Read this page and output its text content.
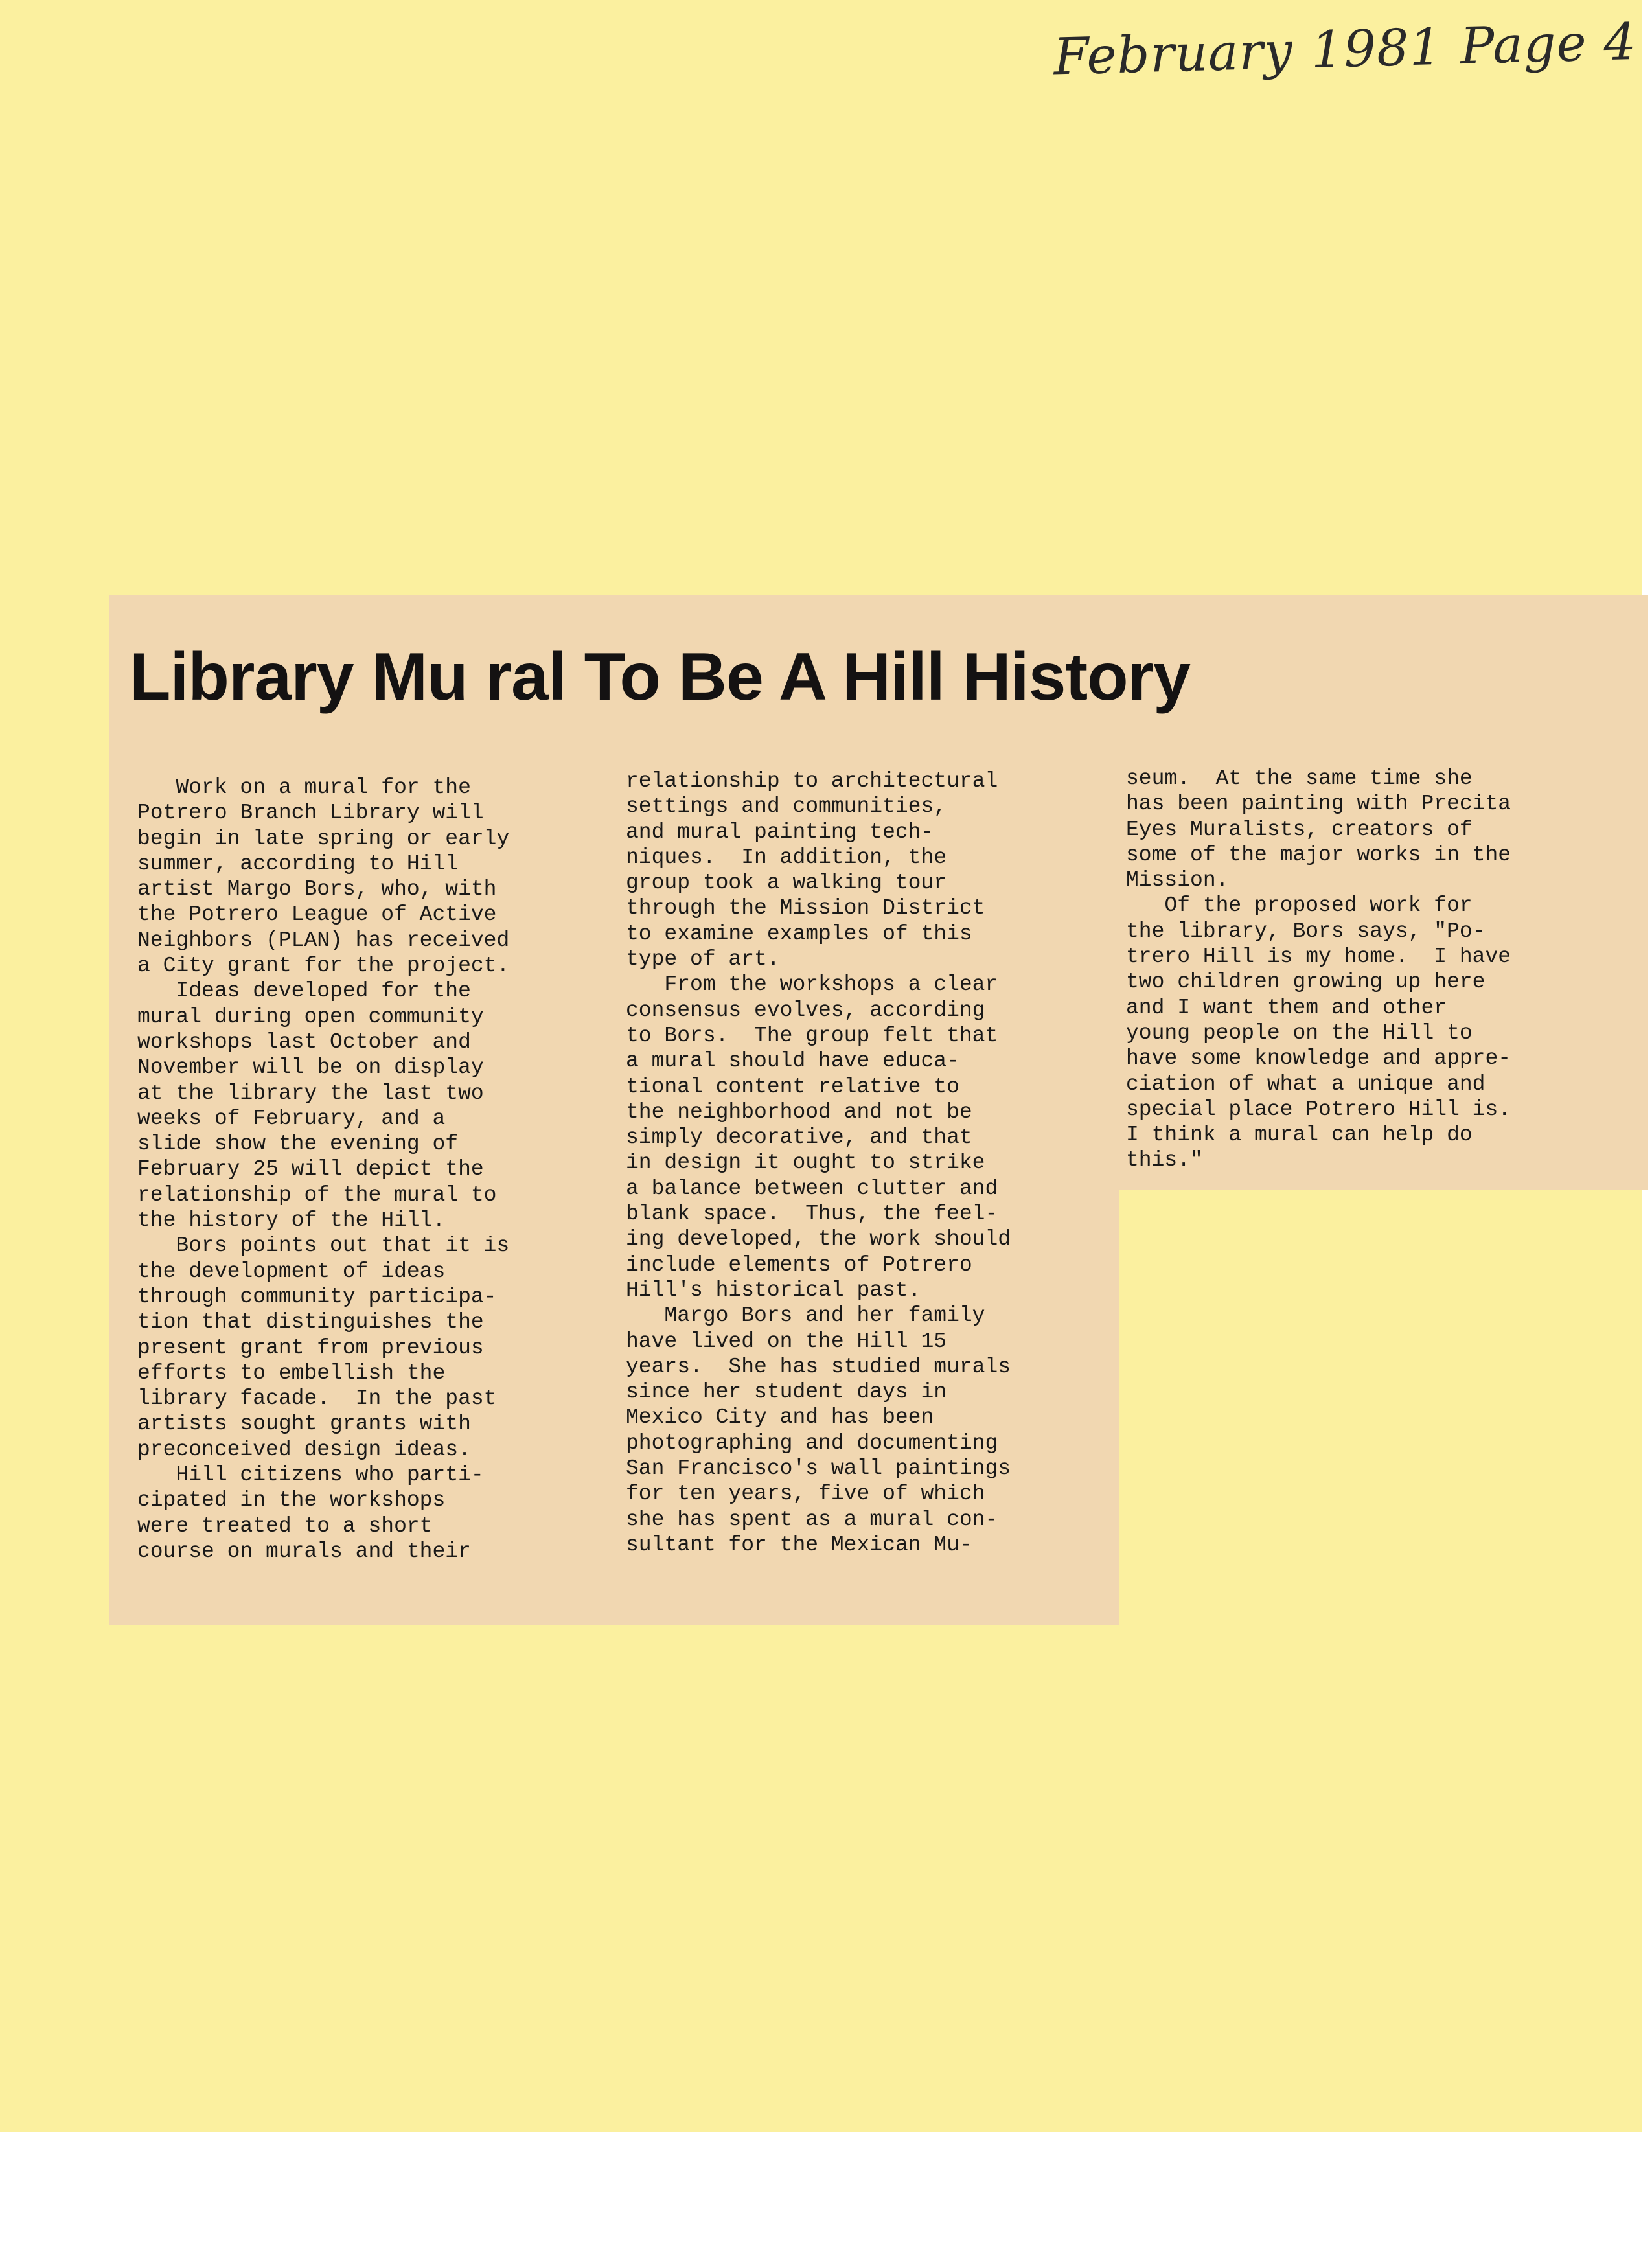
February 1981 Page 4
Library Mu ral To Be A Hill History
Work on a mural for the
Potrero Branch Library will
begin in late spring or early
summer, according to Hill
artist Margo Bors, who, with
the Potrero League of Active
Neighbors (PLAN) has received
a City grant for the project.
Ideas developed for the
mural during open community
workshops last October and
November will be on display
at the library the last two
weeks of February, and a
slide show the evening of
February 25 will depict the
relationship of the mural to
the history of the Hill.
Bors points out that it is
the development of ideas
through community participa-
tion that distinguishes the
present grant from previous
efforts to embellish the
library facade.  In the past
artists sought grants with
preconceived design ideas.
Hill citizens who parti-
cipated in the workshops
were treated to a short
course on murals and their
relationship to architectural
settings and communities,
and mural painting tech-
niques.  In addition, the
group took a walking tour
through the Mission District
to examine examples of this
type of art.
From the workshops a clear
consensus evolves, according
to Bors.  The group felt that
a mural should have educa-
tional content relative to
the neighborhood and not be
simply decorative, and that
in design it ought to strike
a balance between clutter and
blank space.  Thus, the feel-
ing developed, the work should
include elements of Potrero
Hill's historical past.
Margo Bors and her family
have lived on the Hill 15
years.  She has studied murals
since her student days in
Mexico City and has been
photographing and documenting
San Francisco's wall paintings
for ten years, five of which
she has spent as a mural con-
sultant for the Mexican Mu-
seum.  At the same time she
has been painting with Precita
Eyes Muralists, creators of
some of the major works in the
Mission.
Of the proposed work for
the library, Bors says, "Po-
trero Hill is my home.  I have
two children growing up here
and I want them and other
young people on the Hill to
have some knowledge and appre-
ciation of what a unique and
special place Potrero Hill is.
I think a mural can help do
this."
